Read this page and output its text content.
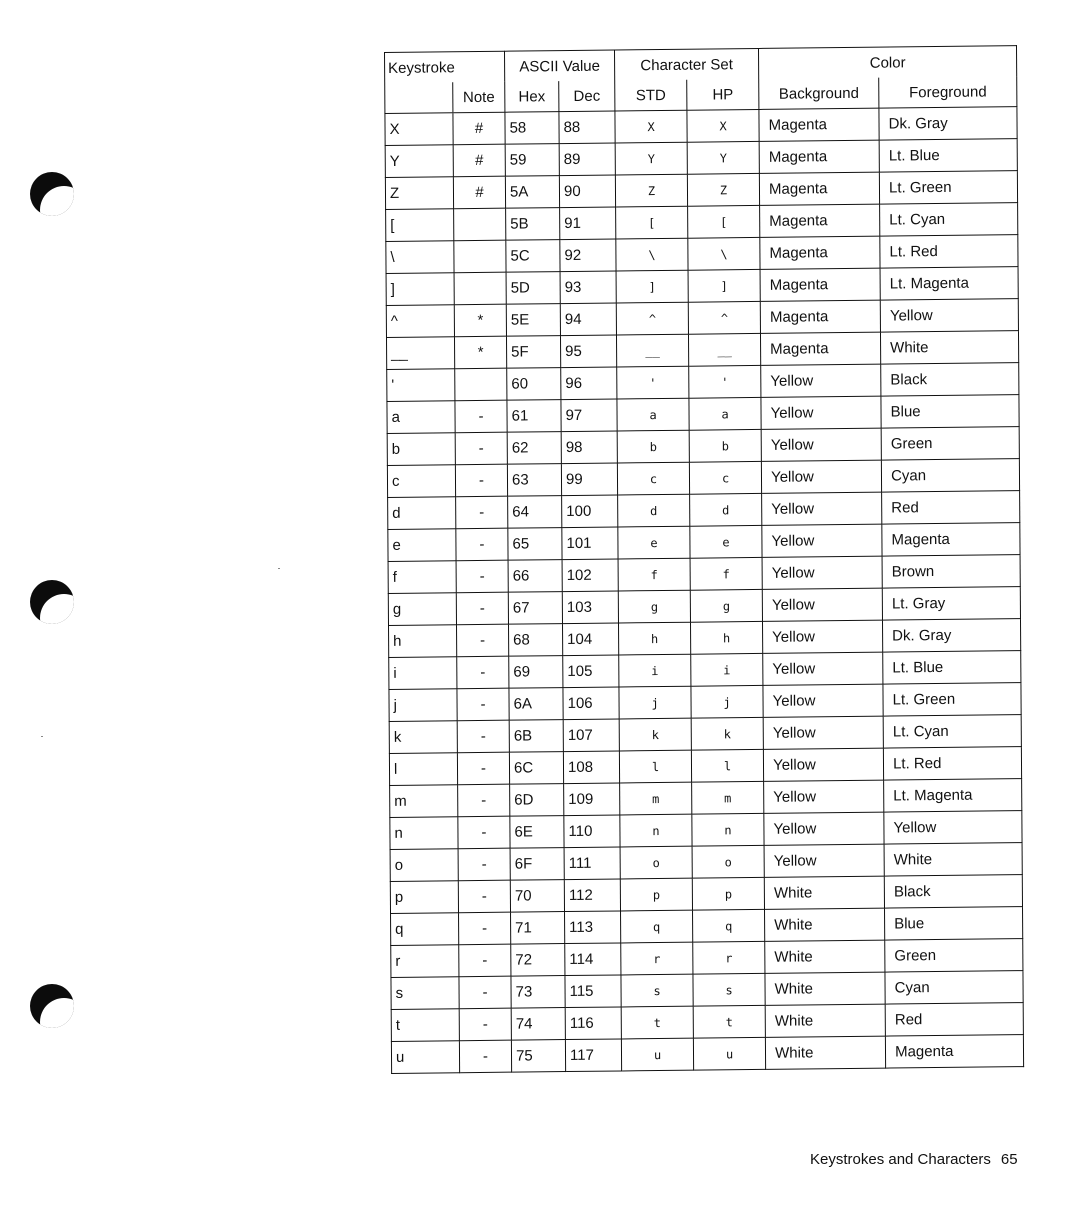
Keystroke		ASCII Value		Character Set		Color	
	Note	Hex	Dec	STD	HP	Background	Foreground
X	#	58	88	X	X	Magenta	Dk. Gray
Y	#	59	89	Y	Y	Magenta	Lt. Blue
Z	#	5A	90	Z	Z	Magenta	Lt. Green
[		5B	91	[	[	Magenta	Lt. Cyan
\		5C	92	\	\	Magenta	Lt. Red
]		5D	93	]	]	Magenta	Lt. Magenta
^	*	5E	94	^	^	Magenta	Yellow
__	*	5F	95	__	__	Magenta	White
'		60	96	'	'	Yellow	Black
a	-	61	97	a	a	Yellow	Blue
b	-	62	98	b	b	Yellow	Green
c	-	63	99	c	c	Yellow	Cyan
d	-	64	100	d	d	Yellow	Red
e	-	65	101	e	e	Yellow	Magenta
f	-	66	102	f	f	Yellow	Brown
g	-	67	103	g	g	Yellow	Lt. Gray
h	-	68	104	h	h	Yellow	Dk. Gray
i	-	69	105	i	i	Yellow	Lt. Blue
j	-	6A	106	j	j	Yellow	Lt. Green
k	-	6B	107	k	k	Yellow	Lt. Cyan
l	-	6C	108	l	l	Yellow	Lt. Red
m	-	6D	109	m	m	Yellow	Lt. Magenta
n	-	6E	110	n	n	Yellow	Yellow
o	-	6F	111	o	o	Yellow	White
p	-	70	112	p	p	White	Black
q	-	71	113	q	q	White	Blue
r	-	72	114	r	r	White	Green
s	-	73	115	s	s	White	Cyan
t	-	74	116	t	t	White	Red
u	-	75	117	u	u	White	Magenta
Keystrokes and Characters 65
